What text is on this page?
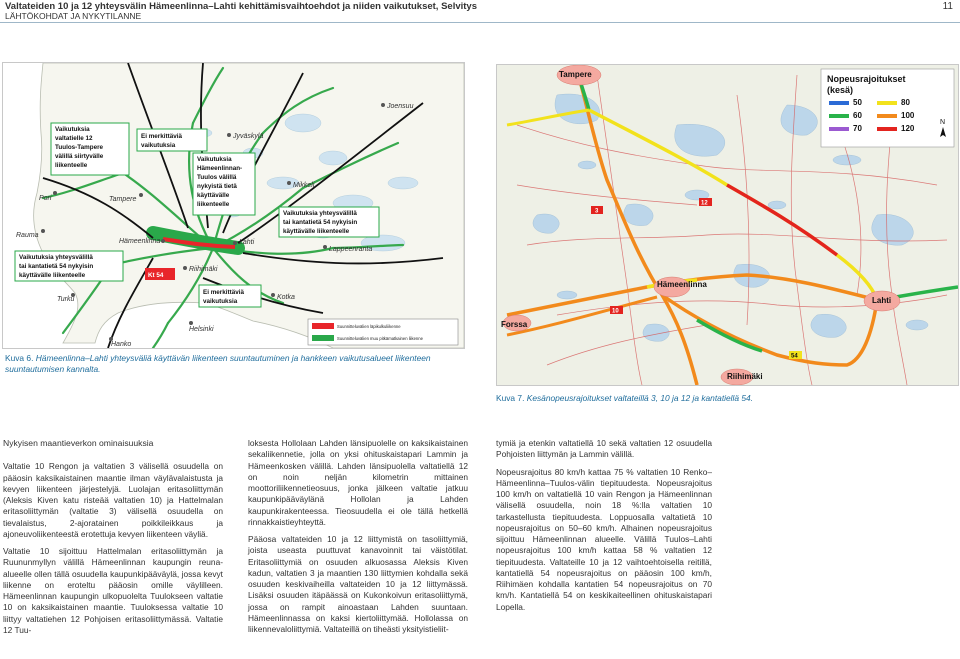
Valtateiden 10 ja 12 yhteysvälin Hämeenlinna–Lahti kehittämisvaihtoehdot ja niiden vaikutukset, Selvitys
LÄHTÖKOHDAT JA NYKYTILANNE
11
Vaikutuksia
valtatielle 12
Tuulos-Tampere
välillä siirtyvälle
liikenteelle
Ei merkittäviä
vaikutuksia
Vaikutuksia
Hämeenlinnan-
Tuulos välillä
nykyistä tietä
käyttävälle
liikenteelle
Vaikutuksia yhteysvälillä
tai kantatietä 54 nykyisin
käyttävälle liikenteelle
Vaikutuksia yhteysvälillä
tai kantatietä 54 nykyisin
käyttävälle liikenteelle	Kt 54
Ei merkittäviä
vaikutuksia
Joensuu
Jyväskylä
Mikkeli
Pori	Tampere
Rauma
Hämeenlinna	Lahti
Lappeenranta
Riihimäki
Turku	Kotka
Helsinki
Hanko
Suunnitteluvälien läpikulkuliikenne
Suunnitteluvälien muu pitkämatkainen liikenne
Kuva 6. Hämeenlinna–Lahti yhteysväliä käyttävän liikenteen suuntautuminen ja hankkeen vaikutusalueet liikenteen suuntautumisen kannalta.
3
10
12
54
Tampere
Hämeenlinna
Forssa
Lahti
Riihimäki
Nopeusrajoitukset
(kesä)
50	80
60	100
70	120
N
Kuva 7. Kesänopeusrajoitukset valtateillä 3, 10 ja 12 ja kantatiellä 54.
Nykyisen maantieverkon ominaisuuksia

Valtatie 10 Rengon ja valtatien 3 välisellä osuudella on pääosin kaksikaistainen maantie ilman väylävalaistusta ja kevyen liikenteen järjestelyjä. Luolajan eritasoliittymän (Aleksis Kiven katu risteää valtatien 10) ja Hattelmalan eritasoliittymän (valtatie 3) välisellä osuudella on tievalaistus, 2-ajoratainen poikkileikkaus ja ajoneuvoliikenteestä erotettuja kevyen liikenteen väyliä.

Valtatie 10 sijoittuu Hattelmalan eritasoliittymän ja Ruununmyllyn välillä Hämeenlinnan kaupungin reuna-alueelle ollen tällä osuudella kaupunkipääväylä, jossa kevyt liikenne on eroteltu pääosin omille väylilleen. Hämeenlinnan kaupungin ulkopuolelta Tuulokseen valtatie 10 on kaksikaistainen maantie. Tuuloksessa valtatie 10 liittyy valtatiehen 12 Pohjoisen eritasoliittymässä. Valtatie 12 Tuu-

loksesta Hollolaan Lahden länsipuolelle on kaksikaistainen sekaliikennetie, jolla on yksi ohituskaistapari Lammin ja Hämeenkosken välillä. Lahden länsipuolella valtatiellä 12 on noin neljän kilometrin mittainen moottoriliikennetieosuus, jonka jälkeen valtatie jatkuu kaupunkipääväylänä Hollolan ja Lahden kaupunkirakenteessa. Tieosuudella ei ole tällä hetkellä rinnakkaistieyhteyttä.

Pääosa valtateiden 10 ja 12 liittymistä on tasoliittymiä, joista useasta puuttuvat kanavoinnit tai väistötilat. Eritasoliittymiä on osuuden alkuosassa Aleksis Kiven kadun, valtatien 3 ja maantien 130 liittymien kohdalla sekä osuuden keskivaiheilla valtateiden 10 ja 12 liittymässä. Lisäksi osuuden itäpäässä on Kukonkoivun eritasoliittymä, jossa on rampit ainoastaan Lahden suuntaan. Hämeenlinnassa on kaksi kiertoliittymää. Hollolassa on liikennevaloliittymiä. Valtateillä on tiheästi yksityistieliit-

tymiä ja etenkin valtatiellä 10 sekä valtatien 12 osuudella Pohjoisten liittymän ja Lammin välillä.

Nopeusrajoitus 80 km/h kattaa 75 % valtatien 10 Renko–Hämeenlinna–Tuulos-välin tiepituudesta. Nopeusrajoitus 100 km/h on valtatiellä 10 vain Rengon ja Hämeenlinnan välisellä osuudella, noin 18 %:lla valtatien 10 tarkastellusta tiepituudesta. Loppuosalla valtatietä 10 nopeusrajoitus on 50–60 km/h. Alhainen nopeusrajoitus sijoittuu Hämeenlinnan alueelle. Välillä Tuulos–Lahti nopeusrajoitus 100 km/h kattaa 58 % valtatien 12 tiepituudesta. Valtateille 10 ja 12 vaihtoehtoisella reitillä, kantatiellä 54 nopeusrajoitus on pääosin 100 km/h, Riihimäen kohdalla kantatien 54 nopeusrajoitus on 70 km/h. Kantatiellä 54 on keskikaiteellinen ohituskaistapari Lopella.
